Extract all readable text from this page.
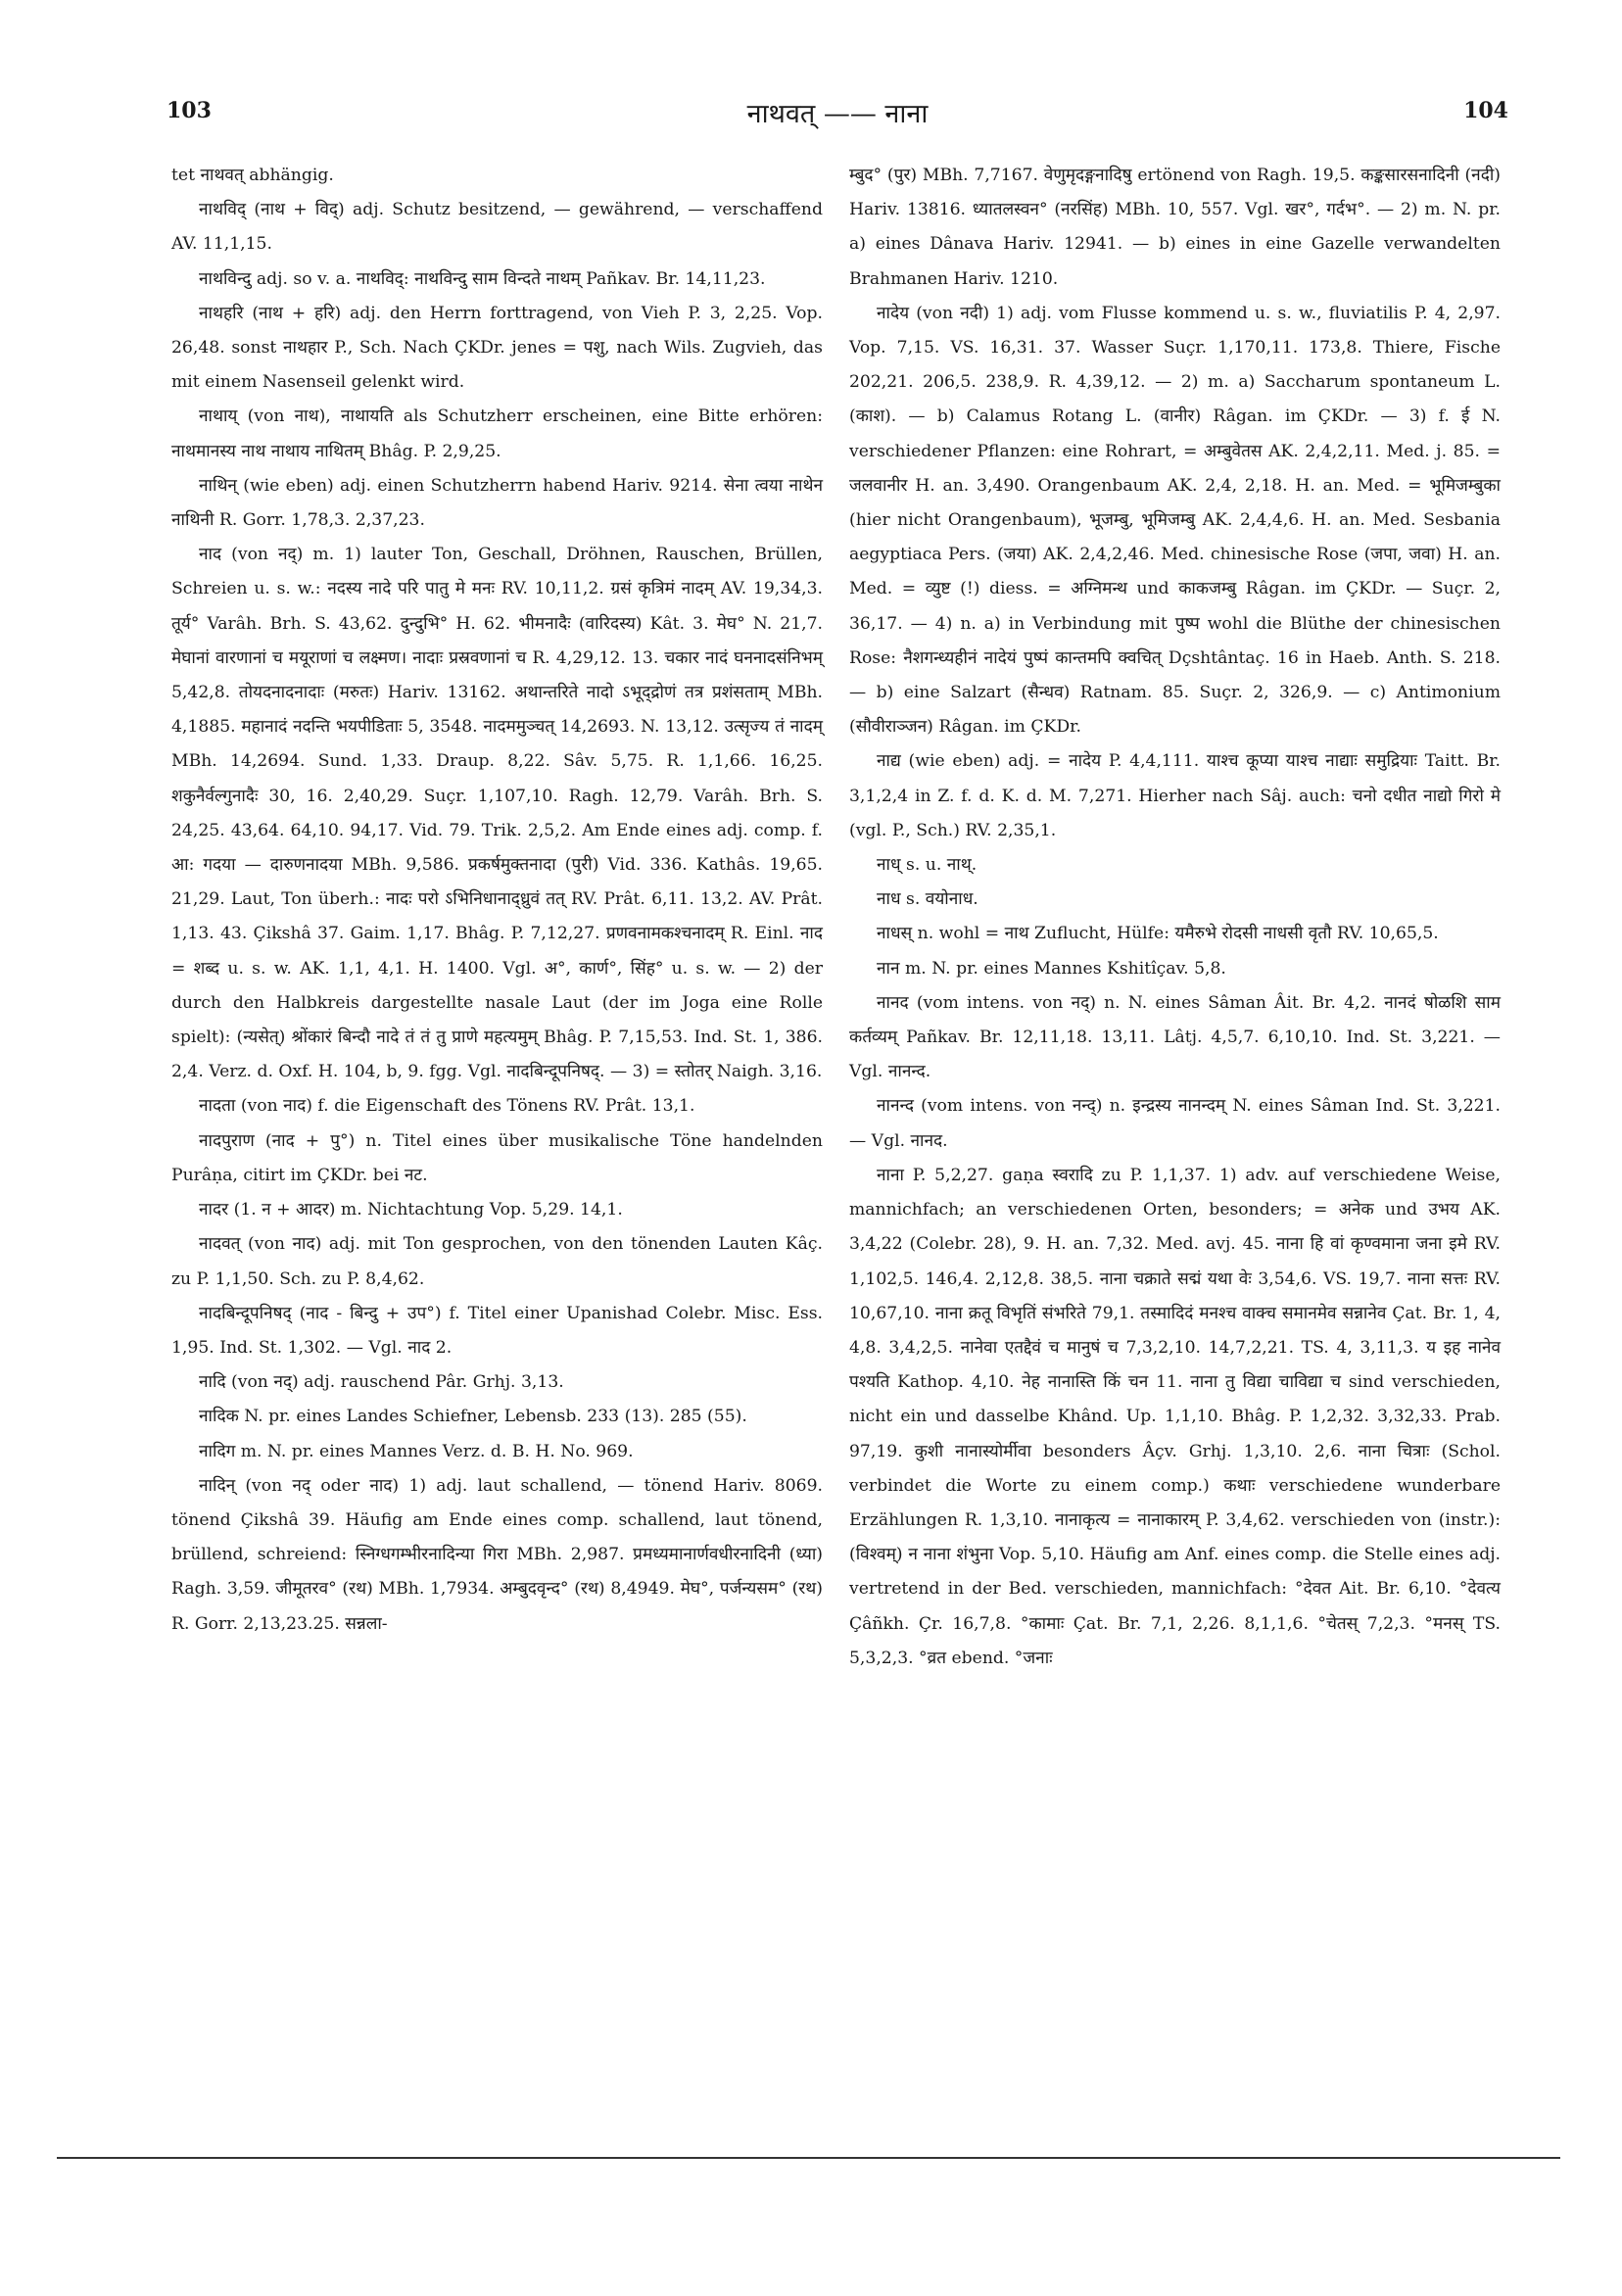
103	नाथवत् —— नाना	104

tet नाथवत् abhängig.

नाथविद् (नाथ + विद्) adj. Schutz besitzend, — gewährend, — verschaffend AV. 11,1,15.

नाथविन्दु adj. so v. a. नाथविद्: नाथविन्दु साम विन्दते नाथम् Pañkav. Br. 14,11,23.

नाथहरि (नाथ + हरि) adj. den Herrn forttragend, von Vieh P. 3, 2,25. Vop. 26,48. sonst नाथहार P., Sch. Nach ÇKDr. jenes = पशु, nach Wils. Zugvieh, das mit einem Nasenseil gelenkt wird.

नाथाय् (von नाथ), नाथायति als Schutzherr erscheinen, eine Bitte erhören: नाथमानस्य नाथ नाथाय नाथितम् Bhâg. P. 2,9,25.

नाथिन् (wie eben) adj. einen Schutzherrn habend Hariv. 9214. सेना त्वया नाथेन नाथिनी R. Gorr. 1,78,3. 2,37,23.

नाद (von नद्) m. 1) lauter Ton, Geschall, Dröhnen, Rauschen, Brüllen, Schreien u. s. w.: नदस्य नादे परि पातु मे मनः RV. 10,11,2. ग्रसं कृत्रिमं नादम् AV. 19,34,3. तूर्य° Varâh. Brh. S. 43,62. दुन्दुभि° H. 62. भीमनादैः (वारिदस्य) Kât. 3. मेघ° N. 21,7. मेघानां वारणानां च मयूराणां च लक्ष्मण। नादाः प्रस्रवणानां च R. 4,29,12. 13. चकार नादं घननादसंनिभम् 5,42,8. तोयदनादनादाः (मरुतः) Hariv. 13162. अथान्तरिते नादो ऽभूद्द्रोणं तत्र प्रशंसताम् MBh. 4,1885. महानादं नदन्ति भयपीडिताः 5, 3548. नादममुञ्चत् 14,2693. N. 13,12. उत्सृज्य तं नादम् MBh. 14,2694. Sund. 1,33. Draup. 8,22. Sâv. 5,75. R. 1,1,66. 16,25. शकुनैर्वल्गुनादैः 30, 16. 2,40,29. Suçr. 1,107,10. Ragh. 12,79. Varâh. Brh. S. 24,25. 43,64. 64,10. 94,17. Vid. 79. Trik. 2,5,2. Am Ende eines adj. comp. f. आ: गदया — दारुणनादया MBh. 9,586. प्रकर्षमुक्तनादा (पुरी) Vid. 336. Kathâs. 19,65. 21,29. Laut, Ton überh.: नादः परो ऽभिनिधानाद्ध्रुवं तत् RV. Prât. 6,11. 13,2. AV. Prât. 1,13. 43. Çikshâ 37. Gaim. 1,17. Bhâg. P. 7,12,27. प्रणवनामकश्चनादम् R. Einl. नाद = शब्द u. s. w. AK. 1,1, 4,1. H. 1400. Vgl. अ°, कार्ण°, सिंह° u. s. w. — 2) der durch den Halbkreis dargestellte nasale Laut (der im Joga eine Rolle spielt): (न्यसेत्) श्रोंकारं बिन्दौ नादे तं तं तु प्राणे महत्यमुम् Bhâg. P. 7,15,53. Ind. St. 1, 386. 2,4. Verz. d. Oxf. H. 104, b, 9. fgg. Vgl. नादबिन्दूपनिषद्. — 3) = स्तोतर् Naigh. 3,16.

नादता (von नाद) f. die Eigenschaft des Tönens RV. Prât. 13,1.

नादपुराण (नाद + पु°) n. Titel eines über musikalische Töne handelnden Purâṇa, citirt im ÇKDr. bei नट.

नादर (1. न + आदर) m. Nichtachtung Vop. 5,29. 14,1.

नादवत् (von नाद) adj. mit Ton gesprochen, von den tönenden Lauten Kâç. zu P. 1,1,50. Sch. zu P. 8,4,62.

नादबिन्दूपनिषद् (नाद - बिन्दु + उप°) f. Titel einer Upanishad Colebr. Misc. Ess. 1,95. Ind. St. 1,302. — Vgl. नाद 2.

नादि (von नद्) adj. rauschend Pâr. Grhj. 3,13.

नादिक N. pr. eines Landes Schiefner, Lebensb. 233 (13). 285 (55).

नादिग m. N. pr. eines Mannes Verz. d. B. H. No. 969.

नादिन् (von नद् oder नाद) 1) adj. laut schallend, — tönend Hariv. 8069. tönend Çikshâ 39. Häufig am Ende eines comp. schallend, laut tönend, brüllend, schreiend: स्निग्धगम्भीरनादिन्या गिरा MBh. 2,987. प्रमध्यमानार्णवधीरनादिनी (ध्या) Ragh. 3,59. जीमूतरव° (रथ) MBh. 1,7934. अम्बुदवृन्द° (रथ) 8,4949. मेघ°, पर्जन्यसम° (रथ) R. Gorr. 2,13,23.25. सन्नला-

म्बुद° (पुर) MBh. 7,7167. वेणुमृदङ्गनादिषु ertönend von Ragh. 19,5. कङ्कसारसनादिनी (नदी) Hariv. 13816. ध्यातलस्वन° (नरसिंह) MBh. 10, 557. Vgl. खर°, गर्दभ°. — 2) m. N. pr. a) eines Dânava Hariv. 12941. — b) eines in eine Gazelle verwandelten Brahmanen Hariv. 1210.

नादेय (von नदी) 1) adj. vom Flusse kommend u. s. w., fluviatilis P. 4, 2,97. Vop. 7,15. VS. 16,31. 37. Wasser Suçr. 1,170,11. 173,8. Thiere, Fische 202,21. 206,5. 238,9. R. 4,39,12. — 2) m. a) Saccharum spontaneum L. (काश). — b) Calamus Rotang L. (वानीर) Râgan. im ÇKDr. — 3) f. ई N. verschiedener Pflanzen: eine Rohrart, = अम्बुवेतस AK. 2,4,2,11. Med. j. 85. = जलवानीर H. an. 3,490. Orangenbaum AK. 2,4, 2,18. H. an. Med. = भूमिजम्बुका (hier nicht Orangenbaum), भूजम्बु, भूमिजम्बु AK. 2,4,4,6. H. an. Med. Sesbania aegyptiaca Pers. (जया) AK. 2,4,2,46. Med. chinesische Rose (जपा, जवा) H. an. Med. = व्युष्ट (!) diess. = अग्निमन्थ und काकजम्बु Râgan. im ÇKDr. — Suçr. 2, 36,17. — 4) n. a) in Verbindung mit पुष्प wohl die Blüthe der chinesischen Rose: नैशगन्ध्यहीनं नादेयं पुष्पं कान्तमपि क्वचित् Dçshtântaç. 16 in Haeb. Anth. S. 218. — b) eine Salzart (सैन्धव) Ratnam. 85. Suçr. 2, 326,9. — c) Antimonium (सौवीराञ्जन) Râgan. im ÇKDr.

नाद्य (wie eben) adj. = नादेय P. 4,4,111. याश्च कूप्या याश्च नाद्याः समुद्रियाः Taitt. Br. 3,1,2,4 in Z. f. d. K. d. M. 7,271. Hierher nach Sâj. auch: चनो दधीत नाद्यो गिरो मे (vgl. P., Sch.) RV. 2,35,1.

नाध् s. u. नाथ्.

नाध s. वयोनाध.

नाधस् n. wohl = नाथ Zuflucht, Hülfe: यमैरुभे रोदसी नाधसी वृतौ RV. 10,65,5.

नान m. N. pr. eines Mannes Kshitîçav. 5,8.

नानद (vom intens. von नद्) n. N. eines Sâman Âit. Br. 4,2. नानदं षोळशि साम कर्तव्यम् Pañkav. Br. 12,11,18. 13,11. Lâtj. 4,5,7. 6,10,10. Ind. St. 3,221. — Vgl. नानन्द.

नानन्द (vom intens. von नन्द्) n. इन्द्रस्य नानन्दम् N. eines Sâman Ind. St. 3,221. — Vgl. नानद.

नाना P. 5,2,27. gaṇa स्वरादि zu P. 1,1,37. 1) adv. auf verschiedene Weise, mannichfach; an verschiedenen Orten, besonders; = अनेक und उभय AK. 3,4,22 (Colebr. 28), 9. H. an. 7,32. Med. avj. 45. नाना हि वां कृण्वमाना जना इमे RV. 1,102,5. 146,4. 2,12,8. 38,5. नाना चक्राते सद्मं यथा वेः 3,54,6. VS. 19,7. नाना सत्तः RV. 10,67,10. नाना क्रतू विभृतिं संभरिते 79,1. तस्मादिदं मनश्च वाक्च समानमेव सन्नानेव Çat. Br. 1, 4, 4,8. 3,4,2,5. नानेवा एतद्दैवं च मानुषं च 7,3,2,10. 14,7,2,21. TS. 4, 3,11,3. य इह नानेव पश्यति Kathop. 4,10. नेह नानास्ति किं चन 11. नाना तु विद्या चाविद्या च sind verschieden, nicht ein und dasselbe Khând. Up. 1,1,10. Bhâg. P. 1,2,32. 3,32,33. Prab. 97,19. कुशी नानास्योर्मीवा besonders Âçv. Grhj. 1,3,10. 2,6. नाना चित्राः (Schol. verbindet die Worte zu einem comp.) कथाः verschiedene wunderbare Erzählungen R. 1,3,10. नानाकृत्य = नानाकारम् P. 3,4,62. verschieden von (instr.): (विश्वम्) न नाना शंभुना Vop. 5,10. Häufig am Anf. eines comp. die Stelle eines adj. vertretend in der Bed. verschieden, mannichfach: °देवत Ait. Br. 6,10. °देवत्य Çâñkh. Çr. 16,7,8. °कामाः Çat. Br. 7,1, 2,26. 8,1,1,6. °चेतस् 7,2,3. °मनस् TS. 5,3,2,3. °व्रत ebend. °जनाः
